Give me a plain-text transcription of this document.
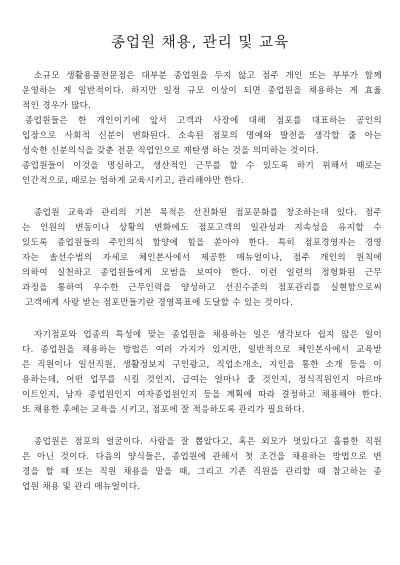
종업원 채용, 관리 및 교육
소규모 생활용품전문점은 대부분 종업원을 두지 않고 점주 개인 또는 부부가 함께
운영하는 게 일반적이다. 하지만 일정 규모 이상이 되면 종업원을 채용하는 게 효율
적인 경우가 많다.
종업원들은 한 개인이기에 앞서 고객과 사장에 대해 점포를 대표하는 공인의
입장으로 사회적 신분이 변화된다. 소속된 점포의 명예와 발전을 생각할 줄 아는
성숙한 신분의식을 갖춘 전문 직업인으로 재탄생 하는 것을 의미하는 것이다.
종업원들이 이것을 명심하고, 생산적인 근무를 할 수 있도록 하기 위해서 때로는
인간적으로, 때로는 엄하게 교육시키고, 관리해야만 한다.
종업원 교육과 관리의 기본 목적은 선진화된 점포문화를 창조하는데 있다. 점주
는 인원의 변동이나 상황의 변화에도 점포고객의 일관성과 지속성을 유지할 수
있도록 종업원들의 주인의식 함양에 힘을 쏟아야 한다. 특히 점포경영자는 경영
자는 솔선수범의 자세로 체인본사에서 제공한 매뉴얼이나, 점주 개인의 원칙에
의하여 실천하고 종업원들에게 모범을 보여야 한다. 이런 일련의 정형화된 근무
과정을 통하여 우수한 근무인력을 양성하고 선진수준의 점포관리를 실현함으로써
고객에게 사랑 받는 점포만들기란 경영목표에 도달할 수 있는 것이다.
자기점포와 업종의 특성에 맞는 종업원을 채용하는 일은 생각보다 쉽지 않은 일이
다. 종업원을 채용하는 방법은 여러 가지가 있지만, 일반적으로 체인본사에서 교육받
은 직원이나 일선직원, 생활정보지 구인광고, 직업소개소, 지인을 통한 소개 등을 이
용하는데, 어떤 업무를 시킬 것인지, 급여는 얼마나 줄 것인지, 정식직원인지 아르바
이트인지, 남자 종업원인지 여자종업원인지 등을 계획에 따라 결정하고 채용해야 한다.
또 채용한 후에는 교육을 시키고, 점포에 잘 적응하도록 관리가 필요하다.
종업원은 점포의 얼굴이다. 사람을 잘 뽑았다고, 혹은 외모가 멋있다고 훌륭한 직원
은 아닌 것이다. 다음의 양식들은, 종업원에 관해서 첫 조건을 채용하는 방법으로 변
경을 할 때 또는 직원 채용을 맡을 때, 그리고 기존 직원을 관리할 때 참고하는 종
업원 채용 및 관리 매뉴얼이다.
